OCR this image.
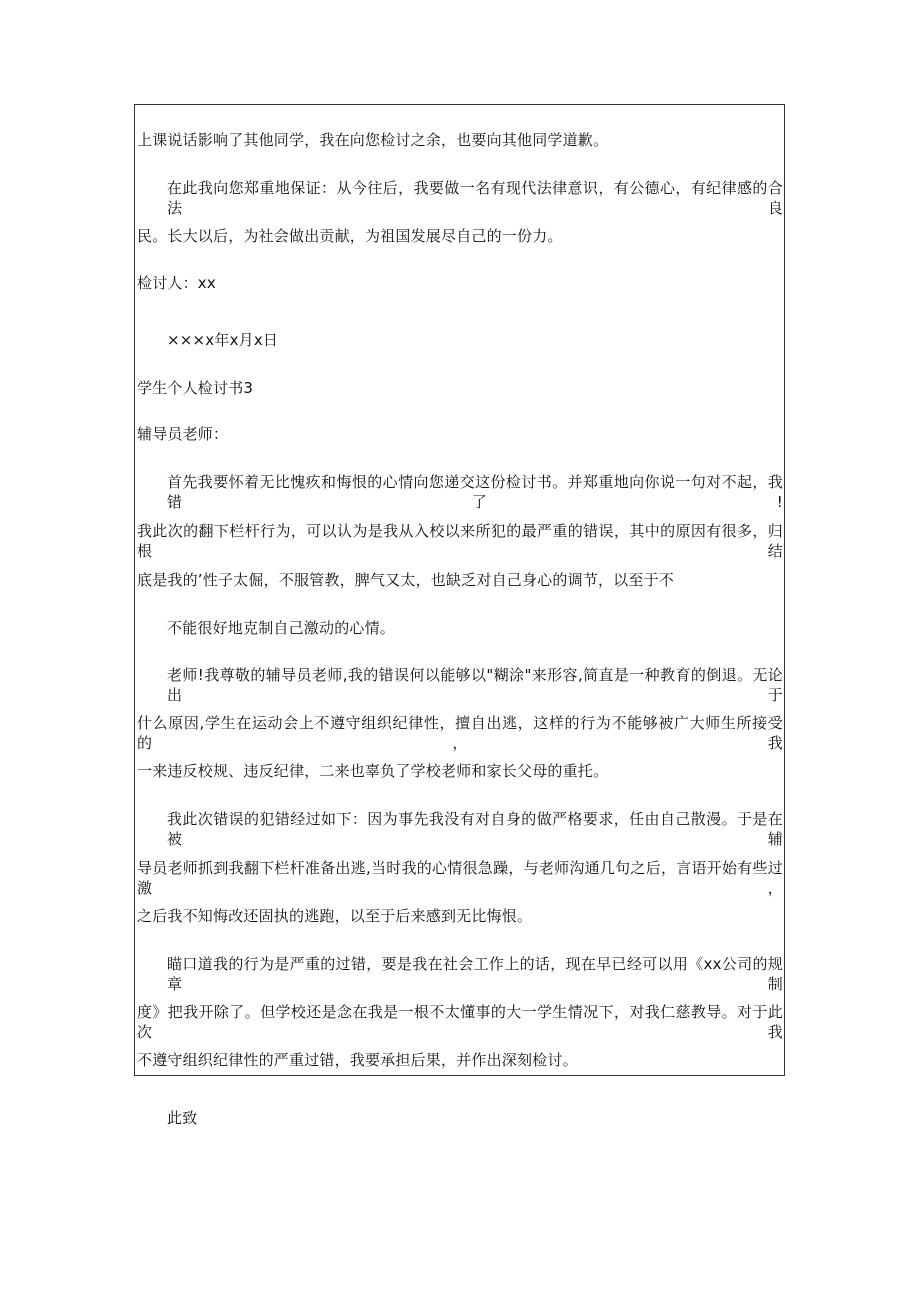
上课说话影响了其他同学，我在向您检讨之余，也要向其他同学道歉。
在此我向您郑重地保证：从今往后，我要做一名有现代法律意识，有公德心，有纪律感的合法良
民。长大以后，为社会做出贡献，为祖国发展尽自己的一份力。
检讨人：xx
×××x年x月x日
学生个人检讨书3
辅导员老师：
首先我要怀着无比愧疚和悔恨的心情向您递交这份检讨书。并郑重地向你说一句对不起，我错了!
我此次的翻下栏杆行为，可以认为是我从入校以来所犯的最严重的错误，其中的原因有很多，归根结
底是我的’性子太倔，不服管教，脾气又太，也缺乏对自己身心的调节，以至于不
不能很好地克制自己激动的心情。
老师!我尊敬的辅导员老师,我的错误何以能够以"糊涂"来形容,简直是一种教育的倒退。无论出于
什么原因,学生在运动会上不遵守组织纪律性，擅自出逃，这样的行为不能够被广大师生所接受的，我
一来违反校规、违反纪律，二来也辜负了学校老师和家长父母的重托。
我此次错误的犯错经过如下：因为事先我没有对自身的做严格要求，任由自己散漫。于是在被辅
导员老师抓到我翻下栏杆准备出逃,当时我的心情很急躁，与老师沟通几句之后，言语开始有些过激，
之后我不知悔改还固执的逃跑，以至于后来感到无比悔恨。
瞄口道我的行为是严重的过错，要是我在社会工作上的话，现在早已经可以用《xx公司的规章制
度》把我开除了。但学校还是念在我是一根不太懂事的大一学生情况下，对我仁慈教导。对于此次我
不遵守组织纪律性的严重过错，我要承担后果，并作出深刻检讨。
此致
